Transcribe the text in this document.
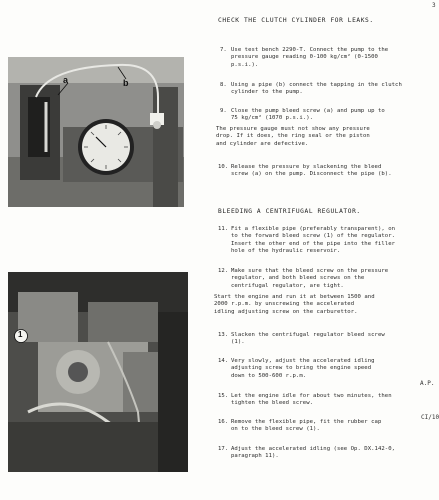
3
CHECK THE CLUTCH CYLINDER FOR LEAKS.
a	b
7. Use test bench 2290-T. Connect the pump to the
pressure gauge reading 0-100 kg/cm² (0-1500
p.s.i.).
8. Using a pipe (b) connect the tapping in the clutch
cylinder to the pump.
9. Close the pump bleed screw (a) and pump up to
75 kg/cm² (1070 p.s.i.).
The pressure gauge must not show any pressure
drop. If it does, the ring seal or the piston
and cylinder are defective.
10. Release the pressure by slackening the bleed
screw (a) on the pump. Disconnect the pipe (b).
BLEEDING A CENTRIFUGAL REGULATOR.
11. Fit a flexible pipe (preferably transparent), on
to the forward bleed screw (1) of the regulator.
Insert the other end of the pipe into the filler
hole of the hydraulic reservoir.
1
12. Make sure that the bleed screw on the pressure
regulator, and both bleed screws on the
centrifugal regulator, are tight.
Start the engine and run it at between 1500 and
2000 r.p.m. by unscrewing the accelerated
idling adjusting screw on the carburettor.
13. Slacken the centrifugal regulator bleed screw
(1).
14. Very slowly, adjust the accelerated idling
adjusting screw to bring the engine speed
down to 500-600 r.p.m.
15. Let the engine idle for about two minutes, then
tighten the bleed screw.
16. Remove the flexible pipe, fit the rubber cap
on to the bleed screw (1).
17. Adjust the accelerated idling (see Op. DX.142-0,
paragraph 11).
A.P.
CI/10
